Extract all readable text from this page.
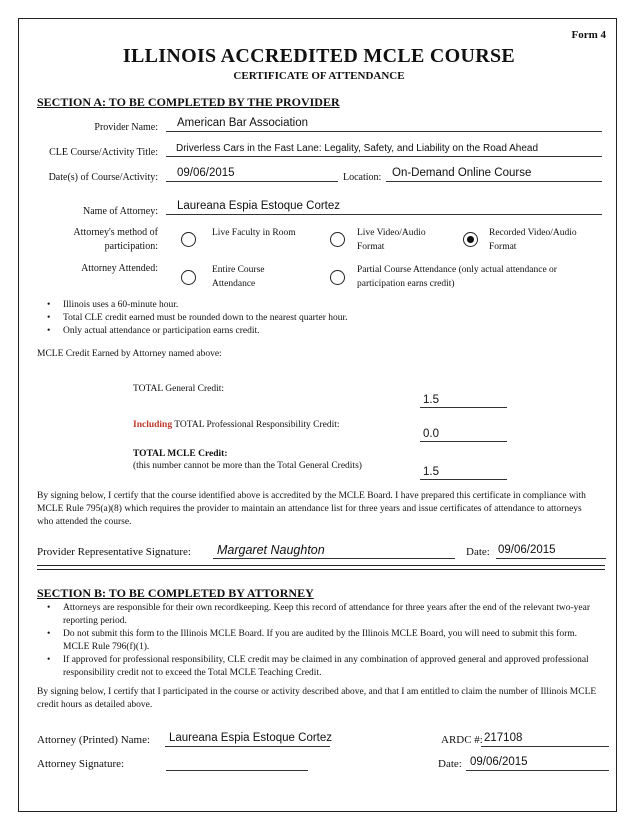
Form 4
ILLINOIS ACCREDITED MCLE COURSE
CERTIFICATE OF ATTENDANCE
SECTION A: TO BE COMPLETED BY THE PROVIDER
Provider Name: American Bar Association
CLE Course/Activity Title: Driverless Cars in the Fast Lane: Legality, Safety, and Liability on the Road Ahead
Date(s) of Course/Activity: 09/06/2015	Location: On-Demand Online Course
Name of Attorney: Laureana Espia Estoque Cortez
Attorney's method of
participation:
Live Faculty in Room	Live Video/Audio
Format
Recorded Video/Audio
Format
Attorney Attended:	Entire Course
Attendance
Partial Course Attendance (only actual attendance or
participation earns credit)
• Illinois uses a 60-minute hour.
• Total CLE credit earned must be rounded down to the nearest quarter hour.
• Only actual attendance or participation earns credit.
MCLE Credit Earned by Attorney named above:
TOTAL General Credit:
1.5
Including TOTAL Professional Responsibility Credit:
0.0
TOTAL MCLE Credit:
(this number cannot be more than the Total General Credits)	1.5
By signing below, I certify that the course identified above is accredited by the MCLE Board. I have prepared this certificate in compliance with MCLE Rule 795(a)(8) which requires the provider to maintain an attendance list for three years and issue certificates of attendance to attorneys who attended the course.
Provider Representative Signature: Margaret Naughton	Date: 09/06/2015
SECTION B: TO BE COMPLETED BY ATTORNEY
• Attorneys are responsible for their own recordkeeping. Keep this record of attendance for three years after the end of the relevant two-year reporting period.
• Do not submit this form to the Illinois MCLE Board. If you are audited by the Illinois MCLE Board, you will need to submit this form. MCLE Rule 796(f)(1).
• If approved for professional responsibility, CLE credit may be claimed in any combination of approved general and approved professional responsibility credit not to exceed the Total MCLE Teaching Credit.
By signing below, I certify that I participated in the course or activity described above, and that I am entitled to claim the number of Illinois MCLE credit hours as detailed above.
Attorney (Printed) Name: Laureana Espia Estoque Cortez	ARDC #: 217108
Attorney Signature:	Date: 09/06/2015
